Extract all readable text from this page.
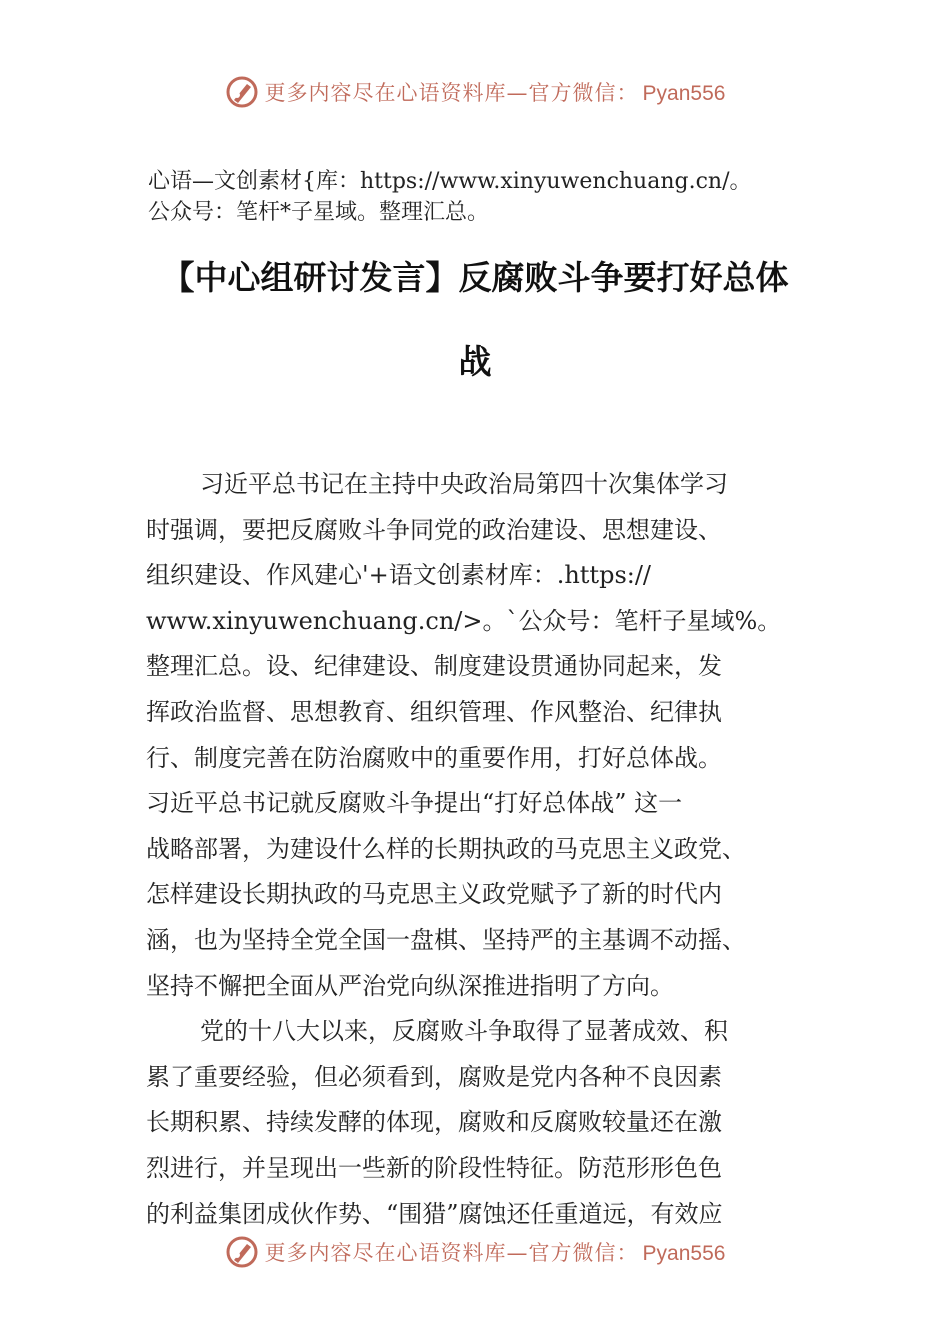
更多内容尽在心语资料库—官方微信： Pyan556
心语—文创素材{库：https://www.xinyuwenchuang.cn/。
公众号：笔杆*子星域。整理汇总。
【中心组研讨发言】反腐败斗争要打好总体
战
习近平总书记在主持中央政治局第四十次集体学习
时强调，要把反腐败斗争同党的政治建设、思想建设、
组织建设、作风建心'+语文创素材库：.https://
www.xinyuwenchuang.cn/>。`公众号：笔杆子星域%。
整理汇总。设、纪律建设、制度建设贯通协同起来，发
挥政治监督、思想教育、组织管理、作风整治、纪律执
行、制度完善在防治腐败中的重要作用，打好总体战。
习近平总书记就反腐败斗争提出“打好总体战” 这一
战略部署，为建设什么样的长期执政的马克思主义政党、
怎样建设长期执政的马克思主义政党赋予了新的时代内
涵，也为坚持全党全国一盘棋、坚持严的主基调不动摇、
坚持不懈把全面从严治党向纵深推进指明了方向。
党的十八大以来，反腐败斗争取得了显著成效、积
累了重要经验，但必须看到，腐败是党内各种不良因素
长期积累、持续发酵的体现，腐败和反腐败较量还在激
烈进行，并呈现出一些新的阶段性特征。防范形形色色
的利益集团成伙作势、“围猎”腐蚀还任重道远，有效应
更多内容尽在心语资料库—官方微信： Pyan556
